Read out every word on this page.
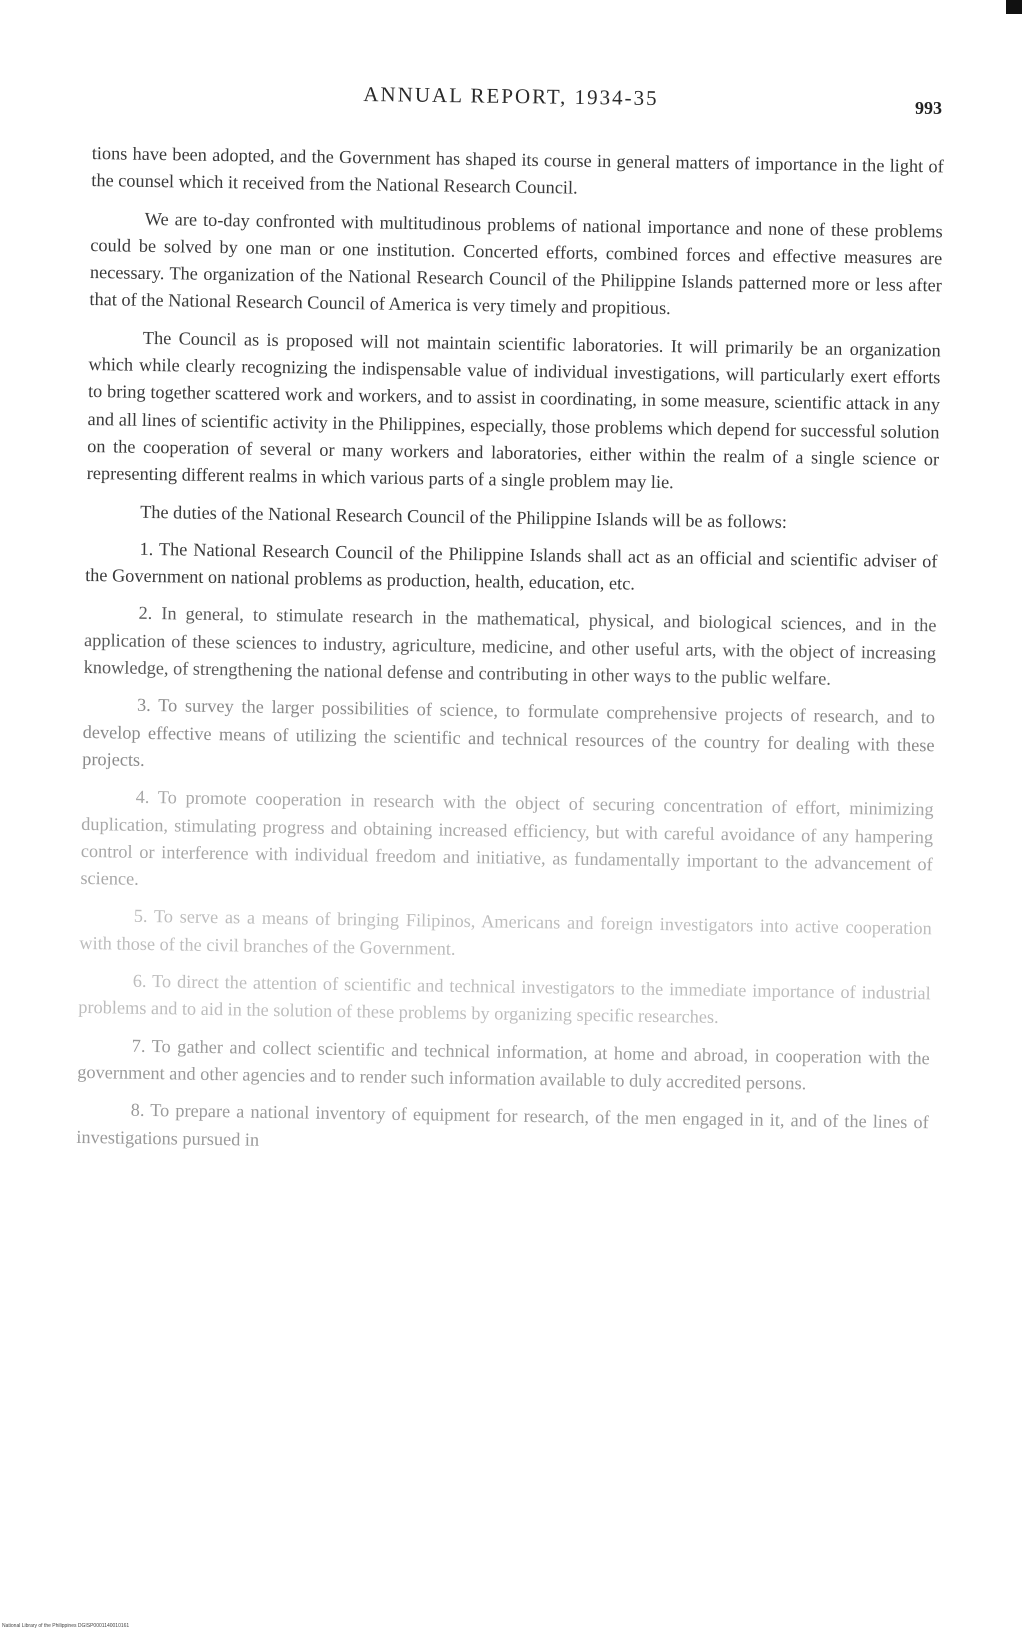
ANNUAL REPORT, 1934-35	993

tions have been adopted, and the Government has shaped its course in general matters of importance in the light of the counsel which it received from the National Research Council.

We are to-day confronted with multitudinous problems of national importance and none of these problems could be solved by one man or one institution. Concerted efforts, combined forces and effective measures are necessary. The organization of the National Research Council of the Philippine Islands patterned more or less after that of the National Research Council of America is very timely and propitious.

The Council as is proposed will not maintain scientific laboratories. It will primarily be an organization which while clearly recognizing the indispensable value of individual investigations, will particularly exert efforts to bring together scattered work and workers, and to assist in coordinating, in some measure, scientific attack in any and all lines of scientific activity in the Philippines, especially, those problems which depend for successful solution on the cooperation of several or many workers and laboratories, either within the realm of a single science or representing different realms in which various parts of a single problem may lie.

The duties of the National Research Council of the Philippine Islands will be as follows:

1. The National Research Council of the Philippine Islands shall act as an official and scientific adviser of the Government on national problems as production, health, education, etc.

2. In general, to stimulate research in the mathematical, physical, and biological sciences, and in the application of these sciences to industry, agriculture, medicine, and other useful arts, with the object of increasing knowledge, of strengthening the national defense and contributing in other ways to the public welfare.

3. To survey the larger possibilities of science, to formulate comprehensive projects of research, and to develop effective means of utilizing the scientific and technical resources of the country for dealing with these projects.

4. To promote cooperation in research with the object of securing concentration of effort, minimizing duplication, stimulating progress and obtaining increased efficiency, but with careful avoidance of any hampering control or interference with individual freedom and initiative, as fundamentally important to the advancement of science.

5. To serve as a means of bringing Filipinos, Americans and foreign investigators into active cooperation with those of the civil branches of the Government.

6. To direct the attention of scientific and technical investigators to the immediate importance of industrial problems and to aid in the solution of these problems by organizing specific researches.

7. To gather and collect scientific and technical information, at home and abroad, in cooperation with the government and other agencies and to render such information available to duly accredited persons.

8. To prepare a national inventory of equipment for research, of the men engaged in it, and of the lines of investigations pursued in

National Library of the Philippines DGISP0001140010161
